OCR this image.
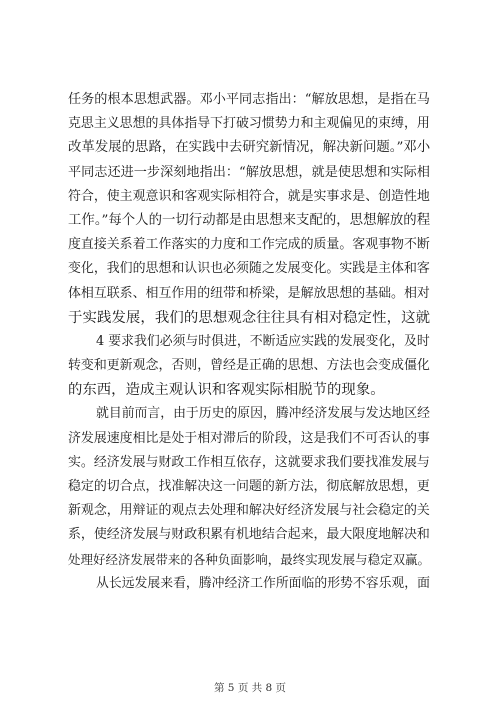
任务的根本思想武器。邓小平同志指出：“解放思想，是指在马
克思主义思想的具体指导下打破习惯势力和主观偏见的束缚，用
改革发展的思路，在实践中去研究新情况，解决新问题。”邓小
平同志还进一步深刻地指出：“解放思想，就是使思想和实际相
符合，使主观意识和客观实际相符合，就是实事求是、创造性地
工作。”每个人的一切行动都是由思想来支配的，思想解放的程
度直接关系着工作落实的力度和工作完成的质量。客观事物不断
变化，我们的思想和认识也必须随之发展变化。实践是主体和客
体相互联系、相互作用的纽带和桥梁，是解放思想的基础。相对
于实践发展，我们的思想观念往往具有相对稳定性，这就
4 要求我们必须与时俱进，不断适应实践的发展变化，及时
转变和更新观念，否则，曾经是正确的思想、方法也会变成僵化
的东西，造成主观认识和客观实际相脱节的现象。
就目前而言，由于历史的原因，腾冲经济发展与发达地区经
济发展速度相比是处于相对滞后的阶段，这是我们不可否认的事
实。经济发展与财政工作相互依存，这就要求我们要找准发展与
稳定的切合点，找准解决这一问题的新方法，彻底解放思想，更
新观念，用辩证的观点去处理和解决好经济发展与社会稳定的关
系，使经济发展与财政积累有机地结合起来，最大限度地解决和
处理好经济发展带来的各种负面影响，最终实现发展与稳定双赢。
从长远发展来看，腾冲经济工作所面临的形势不容乐观，面
第 5 页 共 8 页
